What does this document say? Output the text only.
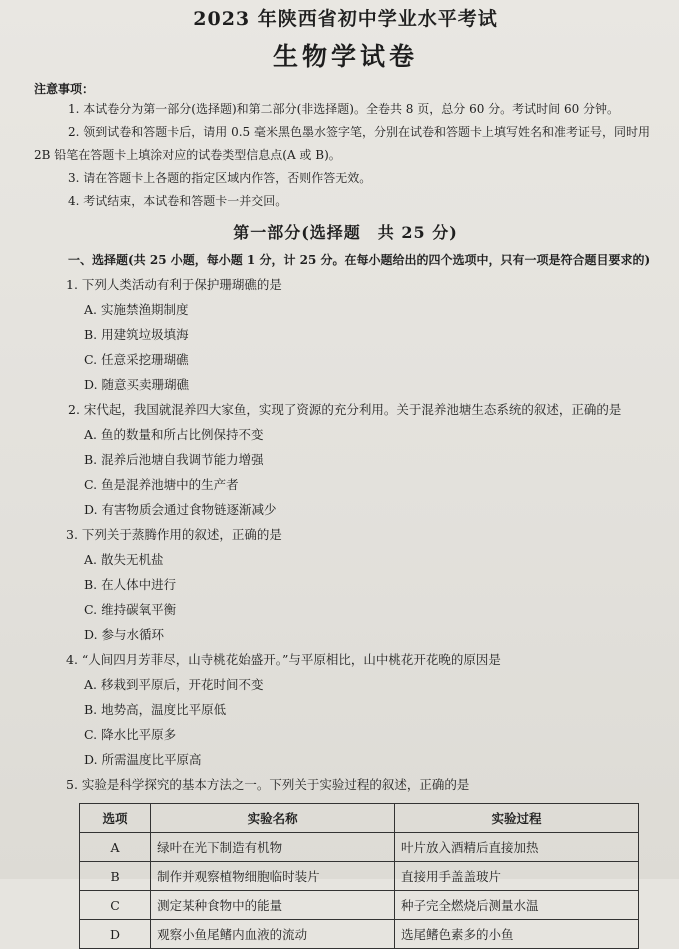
2023 年陕西省初中学业水平考试
生物学试卷

注意事项：

1. 本试卷分为第一部分(选择题)和第二部分(非选择题)。全卷共 8 页，总分 60 分。考试时间 60 分钟。

2. 领到试卷和答题卡后，请用 0.5 毫米黑色墨水签字笔，分别在试卷和答题卡上填写姓名和准考证号，同时用 2B 铅笔在答题卡上填涂对应的试卷类型信息点(A 或 B)。

3. 请在答题卡上各题的指定区域内作答，否则作答无效。

4. 考试结束，本试卷和答题卡一并交回。

第一部分(选择题　共 25 分)

一、选择题(共 25 小题，每小题 1 分，计 25 分。在每小题给出的四个选项中，只有一项是符合题目要求的)

1. 下列人类活动有利于保护珊瑚礁的是

A. 实施禁渔期制度
B. 用建筑垃圾填海
C. 任意采挖珊瑚礁
D. 随意买卖珊瑚礁

2. 宋代起，我国就混养四大家鱼，实现了资源的充分利用。关于混养池塘生态系统的叙述，正确的是

A. 鱼的数量和所占比例保持不变
B. 混养后池塘自我调节能力增强
C. 鱼是混养池塘中的生产者
D. 有害物质会通过食物链逐渐减少

3. 下列关于蒸腾作用的叙述，正确的是

A. 散失无机盐
B. 在人体中进行
C. 维持碳氧平衡
D. 参与水循环

4. “人间四月芳菲尽，山寺桃花始盛开。”与平原相比，山中桃花开花晚的原因是

A. 移栽到平原后，开花时间不变
B. 地势高，温度比平原低
C. 降水比平原多
D. 所需温度比平原高

5. 实验是科学探究的基本方法之一。下列关于实验过程的叙述，正确的是

选项	实验名称	实验过程
A	绿叶在光下制造有机物	叶片放入酒精后直接加热
B	制作并观察植物细胞临时装片	直接用手盖盖玻片
C	测定某种食物中的能量	种子完全燃烧后测量水温
D	观察小鱼尾鳍内血液的流动	选尾鳍色素多的小鱼
